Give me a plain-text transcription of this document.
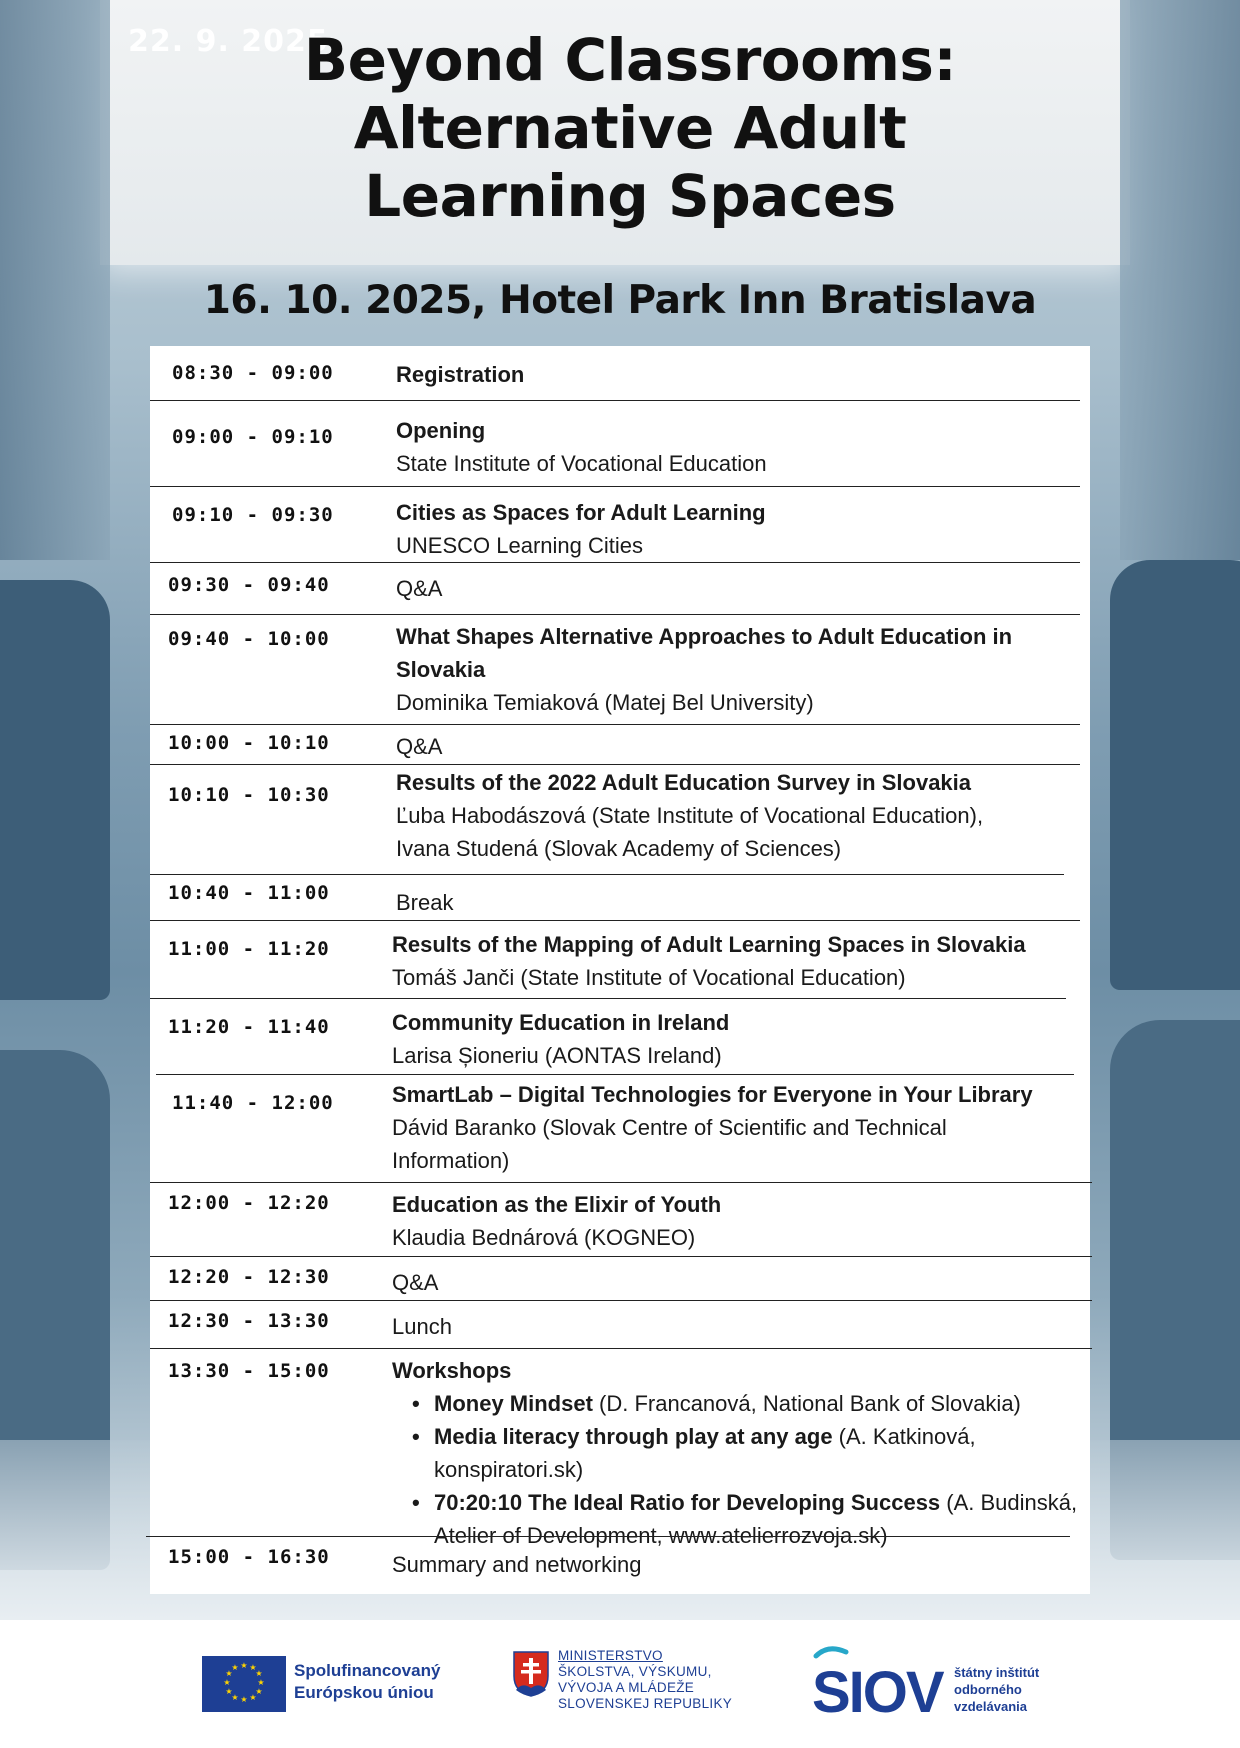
22. 9. 2025
Beyond Classrooms:
Alternative Adult
Learning Spaces
16. 10. 2025, Hotel Park Inn Bratislava
08:30 - 09:00	Registration
09:00 - 09:10	Opening
State Institute of Vocational Education
09:10 - 09:30	Cities as Spaces for Adult Learning
UNESCO Learning Cities
09:30 - 09:40	Q&A
09:40 - 10:00	What Shapes Alternative Approaches to Adult Education in
Slovakia
Dominika Temiaková (Matej Bel University)
10:00 - 10:10	Q&A
10:10 - 10:30	Results of the 2022 Adult Education Survey in Slovakia
Ľuba Habodászová (State Institute of Vocational Education),
Ivana Studená (Slovak Academy of Sciences)
10:40 - 11:00	Break
11:00 - 11:20	Results of the Mapping of Adult Learning Spaces in Slovakia
Tomáš Janči (State Institute of Vocational Education)
11:20 - 11:40	Community Education in Ireland
Larisa Șioneriu (AONTAS Ireland)
11:40 - 12:00	SmartLab – Digital Technologies for Everyone in Your Library
Dávid Baranko (Slovak Centre of Scientific and Technical
Information)
12:00 - 12:20	Education as the Elixir of Youth
Klaudia Bednárová (KOGNEO)
12:20 - 12:30	Q&A
12:30 - 13:30	Lunch
13:30 - 15:00	Workshops
• Money Mindset (D. Francanová, National Bank of Slovakia)
• Media literacy through play at any age (A. Katkinová, konspiratori.sk)
• 70:20:10 The Ideal Ratio for Developing Success (A. Budinská, Atelier of Development, www.atelierrozvoja.sk)
15:00 - 16:30	Summary and networking
★ ★
★
★
★
★
★
★
★
★
★
★	Spolufinancovaný
Európskou úniou
MINISTERSTVO
ŠKOLSTVA, VÝSKUMU,
VÝVOJA A MLÁDEŽE
SLOVENSKEJ REPUBLIKY SIOV štátny inštitút
odborného
vzdelávania
